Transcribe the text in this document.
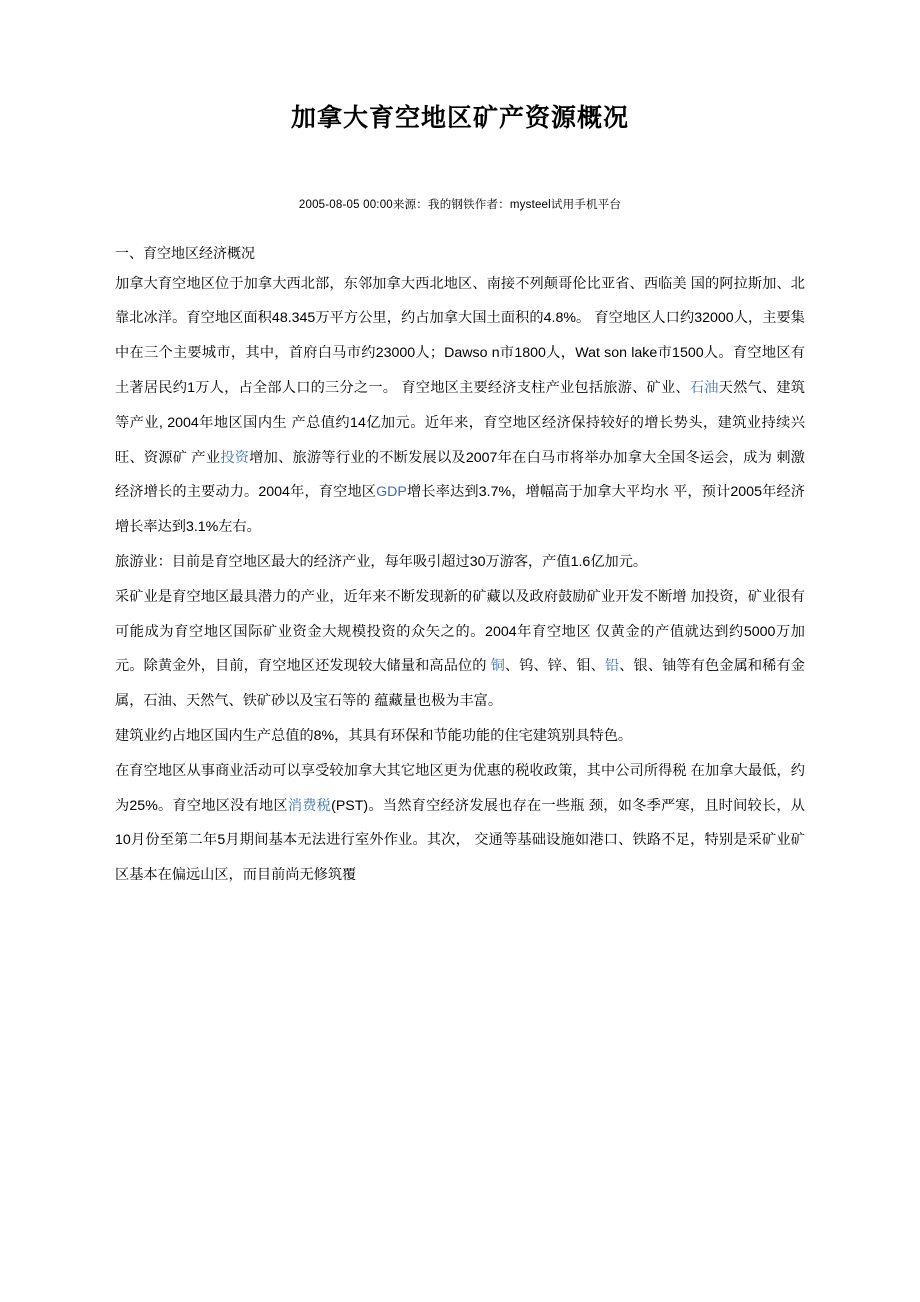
加拿大育空地区矿产资源概况
2005-08-05 00:00来源：我的钢铁作者：mysteel试用手机平台
一、育空地区经济概况

加拿大育空地区位于加拿大西北部，东邻加拿大西北地区、南接不列颠哥伦比亚省、西临美 国的阿拉斯加、北靠北冰洋。育空地区面积48.345万平方公里，约占加拿大国土面积的4.8%。 育空地区人口约32000人，主要集中在三个主要城市，其中，首府白马市约23000人；Dawso n市1800人，Wat son lake市1500人。育空地区有土著居民约1万人，占全部人口的三分之一。 育空地区主要经济支柱产业包括旅游、矿业、石油天然气、建筑等产业, 2004年地区国内生 产总值约14亿加元。近年来，育空地区经济保持较好的增长势头，建筑业持续兴旺、资源矿 产业投资增加、旅游等行业的不断发展以及2007年在白马市将举办加拿大全国冬运会，成为 刺激经济增长的主要动力。2004年，育空地区GDP增长率达到3.7%，增幅高于加拿大平均水 平，预计2005年经济增长率达到3.1%左右。

旅游业：目前是育空地区最大的经济产业，每年吸引超过30万游客，产值1.6亿加元。

采矿业是育空地区最具潜力的产业，近年来不断发现新的矿藏以及政府鼓励矿业开发不断增 加投资，矿业很有可能成为育空地区国际矿业资金大规模投资的众矢之的。2004年育空地区 仅黄金的产值就达到约5000万加元。除黄金外，目前，育空地区还发现较大储量和高品位的 铜、钨、锌、钼、铅、银、铀等有色金属和稀有金属，石油、天然气、铁矿砂以及宝石等的 蕴藏量也极为丰富。

建筑业约占地区国内生产总值的8%，其具有环保和节能功能的住宅建筑别具特色。

在育空地区从事商业活动可以享受较加拿大其它地区更为优惠的税收政策，其中公司所得税 在加拿大最低，约为25%。育空地区没有地区消费税(PST)。当然育空经济发展也存在一些瓶 颈，如冬季严寒，且时间较长，从10月份至第二年5月期间基本无法进行室外作业。其次， 交通等基础设施如港口、铁路不足，特别是采矿业矿区基本在偏远山区，而目前尚无修筑覆
